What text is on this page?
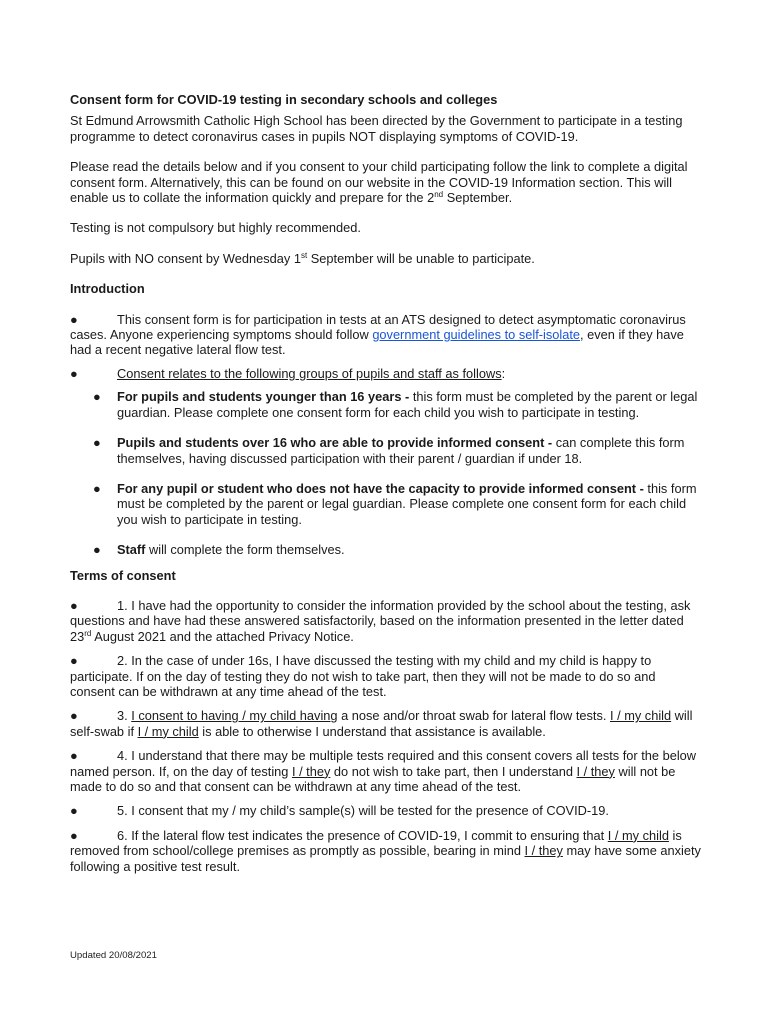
Consent form for COVID-19 testing in secondary schools and colleges

St Edmund Arrowsmith Catholic High School has been directed by the Government to participate in a testing programme to detect coronavirus cases in pupils NOT displaying symptoms of COVID-19.

Please read the details below and if you consent to your child participating follow the link to complete a digital consent form. Alternatively, this can be found on our website in the COVID-19 Information section. This will enable us to collate the information quickly and prepare for the 2nd September.

Testing is not compulsory but highly recommended.

Pupils with NO consent by Wednesday 1st September will be unable to participate.

Introduction

●	This consent form is for participation in tests at an ATS designed to detect asymptomatic coronavirus cases. Anyone experiencing symptoms should follow government guidelines to self-isolate, even if they have had a recent negative lateral flow test.

●	Consent relates to the following groups of pupils and staff as follows:

● For pupils and students younger than 16 years - this form must be completed by the parent or legal guardian. Please complete one consent form for each child you wish to participate in testing.
● Pupils and students over 16 who are able to provide informed consent - can complete this form themselves, having discussed participation with their parent / guardian if under 18.
● For any pupil or student who does not have the capacity to provide informed consent - this form must be completed by the parent or legal guardian. Please complete one consent form for each child you wish to participate in testing.
● Staff will complete the form themselves.

Terms of consent

●	1. I have had the opportunity to consider the information provided by the school about the testing, ask questions and have had these answered satisfactorily, based on the information presented in the letter dated 23rd August 2021 and the attached Privacy Notice.

●	2. In the case of under 16s, I have discussed the testing with my child and my child is happy to participate. If on the day of testing they do not wish to take part, then they will not be made to do so and consent can be withdrawn at any time ahead of the test.

●	3. I consent to having / my child having a nose and/or throat swab for lateral flow tests. I / my child will self-swab if I / my child is able to otherwise I understand that assistance is available.

●	4. I understand that there may be multiple tests required and this consent covers all tests for the below named person. If, on the day of testing I / they do not wish to take part, then I understand I / they will not be made to do so and that consent can be withdrawn at any time ahead of the test.

●	5. I consent that my / my child’s sample(s) will be tested for the presence of COVID-19.

●	6. If the lateral flow test indicates the presence of COVID-19, I commit to ensuring that I / my child is removed from school/college premises as promptly as possible, bearing in mind I / they may have some anxiety following a positive test result.

Updated 20/08/2021
